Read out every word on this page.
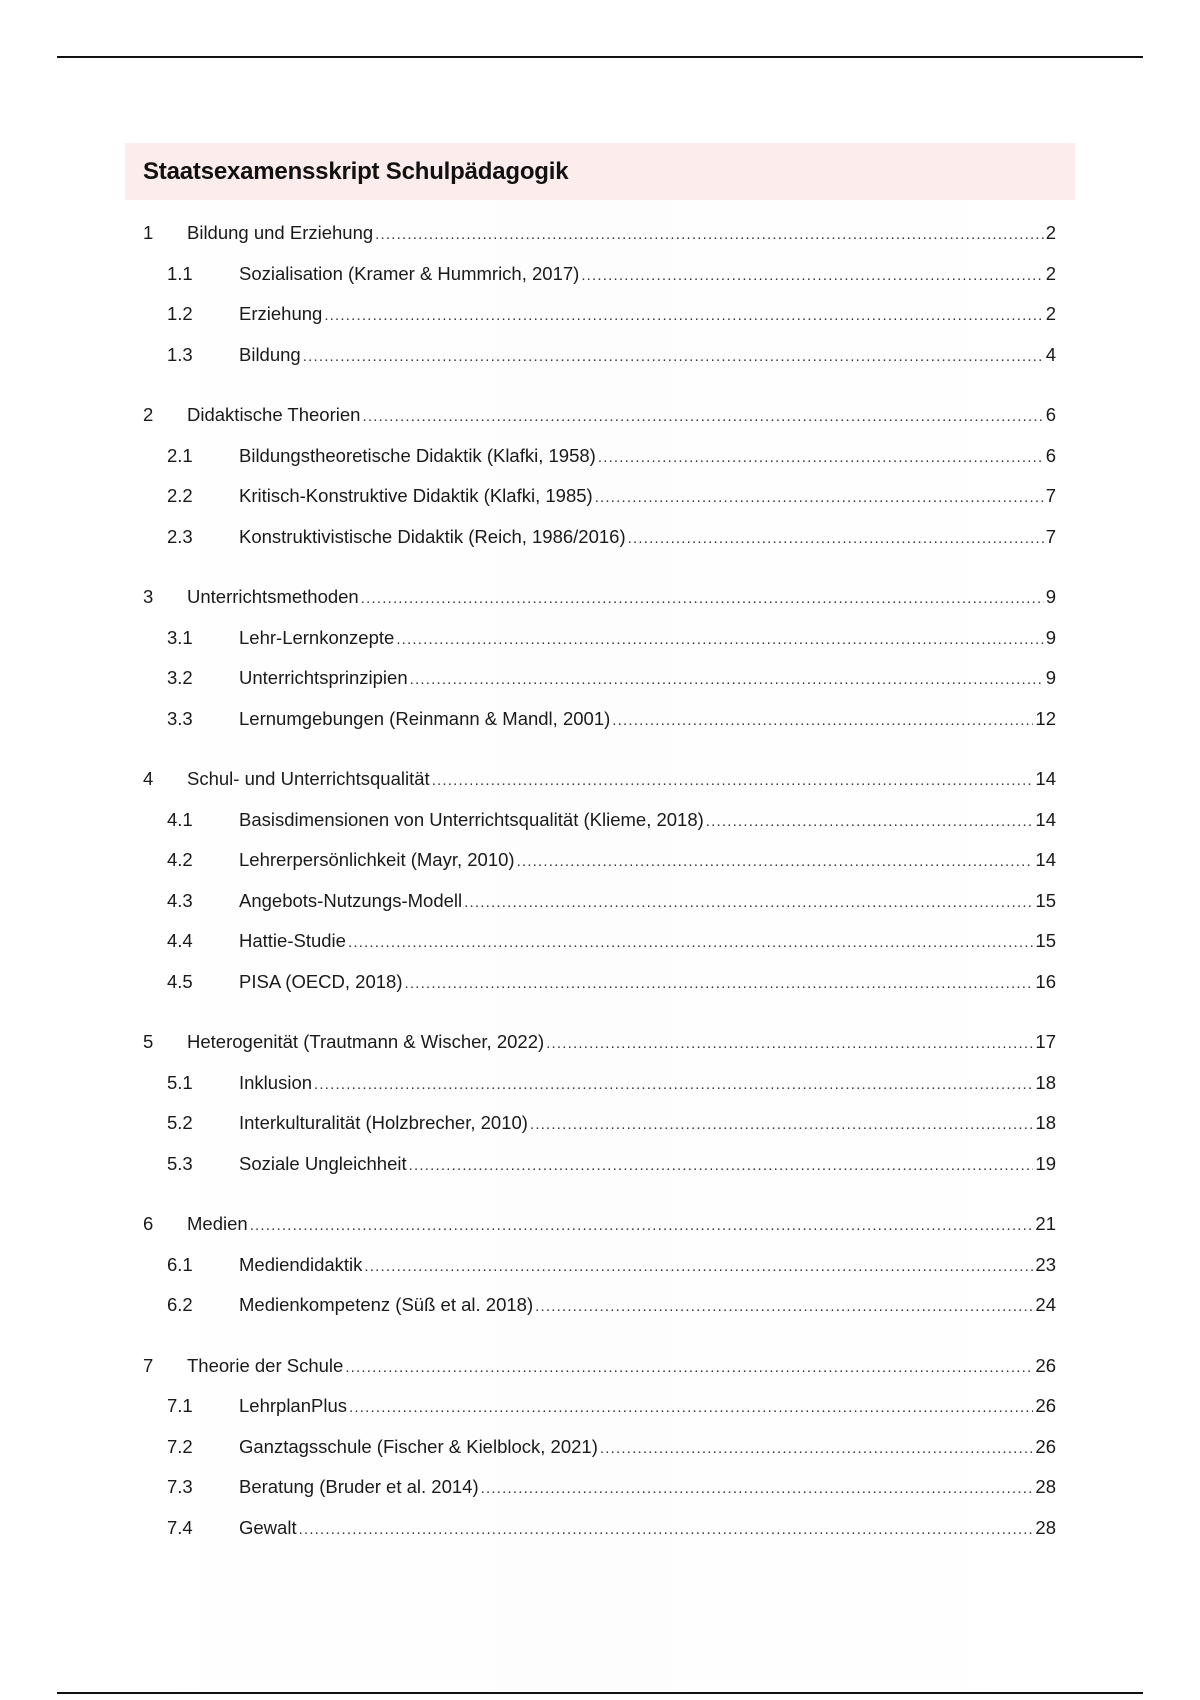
Staatsexamensskript Schulpädagogik
1 Bildung und Erziehung .....	2
1.1	Sozialisation (Kramer & Hummrich, 2017) .....	2
1.2	Erziehung .....	2
1.3	Bildung .....	4
2 Didaktische Theorien .....	6
2.1	Bildungstheoretische Didaktik (Klafki, 1958) .....	6
2.2	Kritisch-Konstruktive Didaktik (Klafki, 1985) .....	7
2.3	Konstruktivistische Didaktik (Reich, 1986/2016) .....	7
3 Unterrichtsmethoden .....	9
3.1	Lehr-Lernkonzepte .....	9
3.2	Unterrichtsprinzipien .....	9
3.3	Lernumgebungen (Reinmann & Mandl, 2001) .....	12
4 Schul- und Unterrichtsqualität .....	14
4.1	Basisdimensionen von Unterrichtsqualität (Klieme, 2018) .....	14
4.2	Lehrerpersönlichkeit (Mayr, 2010) .....	14
4.3	Angebots-Nutzungs-Modell .....	15
4.4	Hattie-Studie .....	15
4.5	PISA (OECD, 2018) .....	16
5 Heterogenität (Trautmann & Wischer, 2022) .....	17
5.1	Inklusion .....	18
5.2	Interkulturalität (Holzbrecher, 2010) .....	18
5.3	Soziale Ungleichheit .....	19
6 Medien .....	21
6.1	Mediendidaktik .....	23
6.2	Medienkompetenz (Süß et al. 2018) .....	24
7 Theorie der Schule .....	26
7.1	LehrplanPlus .....	26
7.2	Ganztagsschule (Fischer & Kielblock, 2021) .....	26
7.3	Beratung (Bruder et al. 2014) .....	28
7.4	Gewalt .....	28
